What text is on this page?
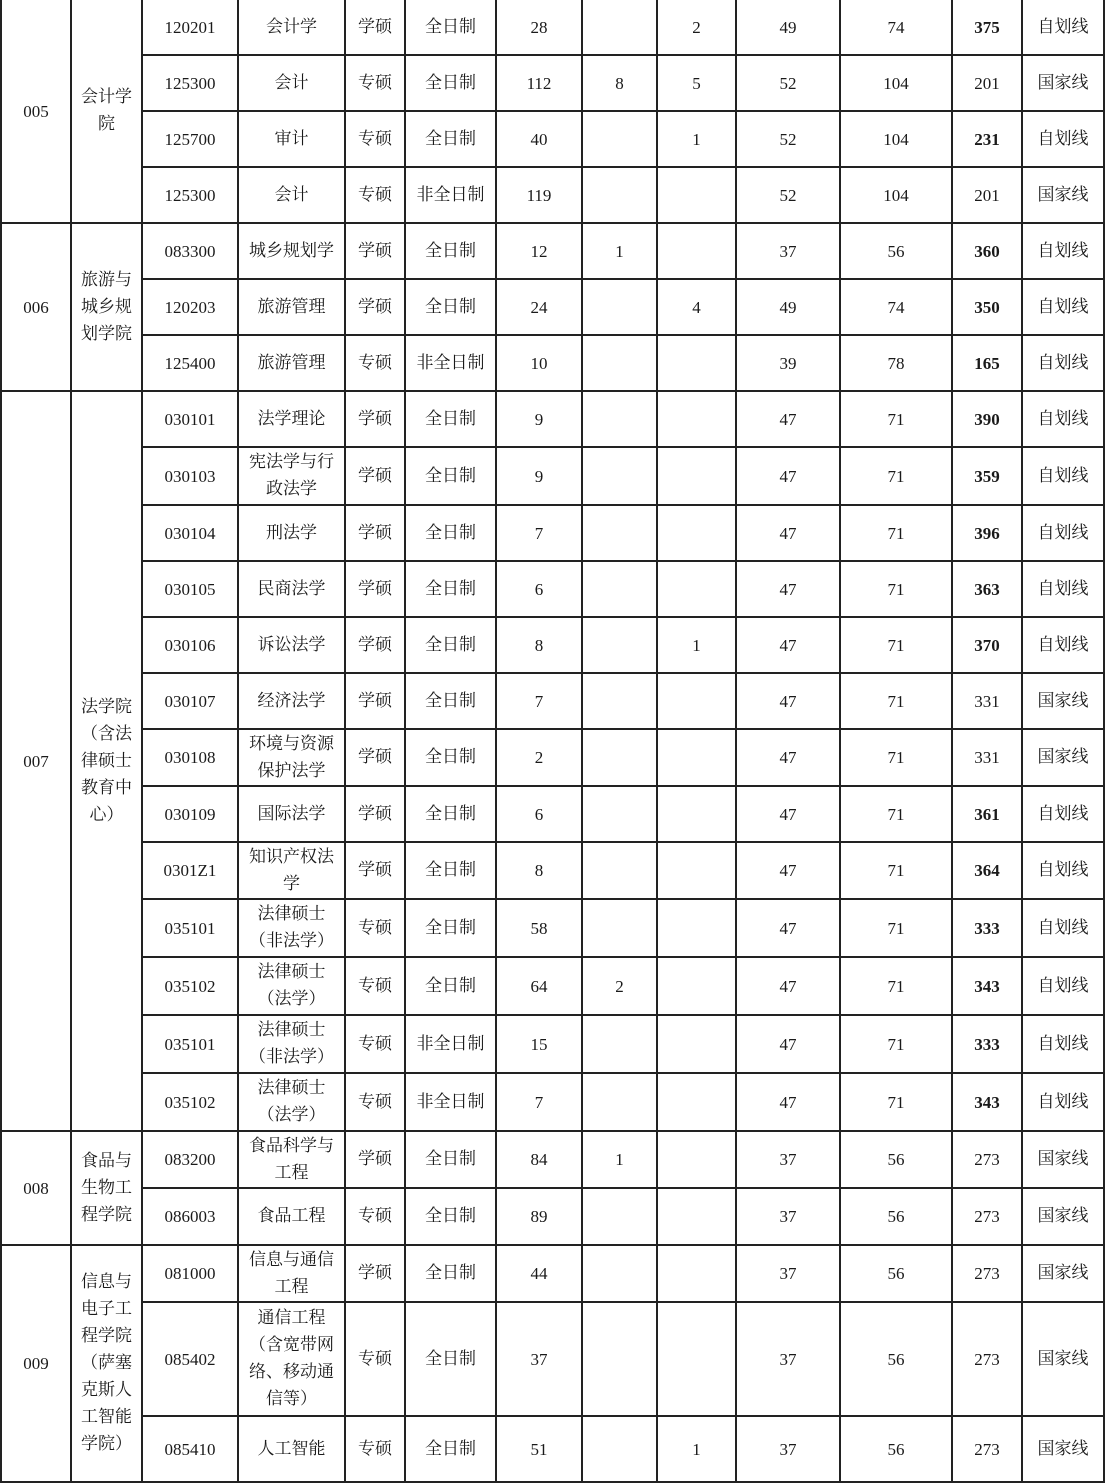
005	会计学院	120201	会计学	学硕	全日制	28		2	49	74	375	自划线
		125300	会计	专硕	全日制	112	8	5	52	104	201	国家线
		125700	审计	专硕	全日制	40		1	52	104	231	自划线
		125300	会计	专硕	非全日制	119			52	104	201	国家线
006	旅游与城乡规划学院	083300	城乡规划学	学硕	全日制	12	1		37	56	360	自划线
		120203	旅游管理	学硕	全日制	24		4	49	74	350	自划线
		125400	旅游管理	专硕	非全日制	10			39	78	165	自划线
007	法学院（含法律硕士教育中心）	030101	法学理论	学硕	全日制	9			47	71	390	自划线
		030103	宪法学与行政法学	学硕	全日制	9			47	71	359	自划线
		030104	刑法学	学硕	全日制	7			47	71	396	自划线
		030105	民商法学	学硕	全日制	6			47	71	363	自划线
		030106	诉讼法学	学硕	全日制	8		1	47	71	370	自划线
		030107	经济法学	学硕	全日制	7			47	71	331	国家线
		030108	环境与资源保护法学	学硕	全日制	2			47	71	331	国家线
		030109	国际法学	学硕	全日制	6			47	71	361	自划线
		0301Z1	知识产权法学	学硕	全日制	8			47	71	364	自划线
		035101	法律硕士（非法学）	专硕	全日制	58			47	71	333	自划线
		035102	法律硕士（法学）	专硕	全日制	64	2		47	71	343	自划线
		035101	法律硕士（非法学）	专硕	非全日制	15			47	71	333	自划线
		035102	法律硕士（法学）	专硕	非全日制	7			47	71	343	自划线
008	食品与生物工程学院	083200	食品科学与工程	学硕	全日制	84	1		37	56	273	国家线
		086003	食品工程	专硕	全日制	89			37	56	273	国家线
009	信息与电子工程学院（萨塞克斯人工智能学院）	081000	信息与通信工程	学硕	全日制	44			37	56	273	国家线
		085402	通信工程（含宽带网络、移动通信等）	专硕	全日制	37			37	56	273	国家线
		085410	人工智能	专硕	全日制	51		1	37	56	273	国家线
